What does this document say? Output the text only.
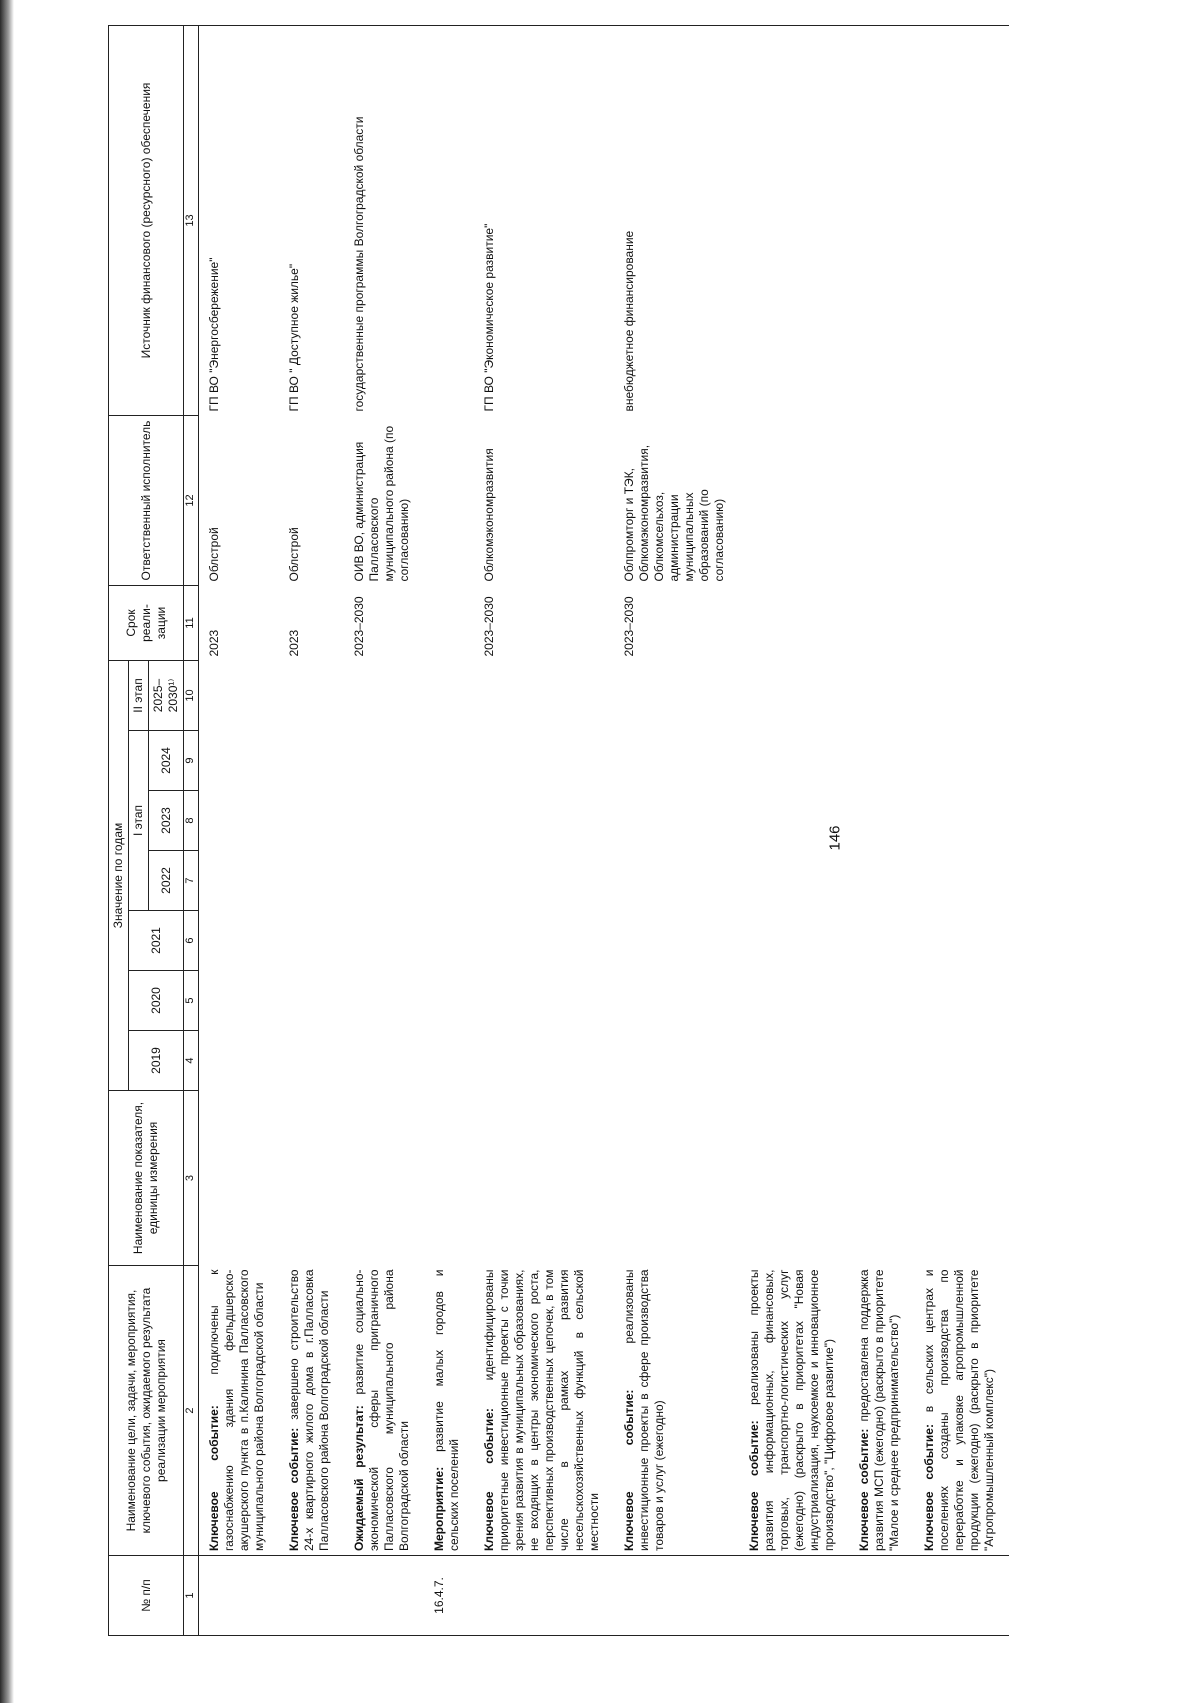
146
№ п/п	Наименование цели, задачи, мероприятия, ключевого события, ожидаемого результата реализации мероприятия	Наименование показателя, единицы измерения	Значение по годам							Срок реали-зации	Ответственный исполнитель	Источник финансового (ресурсного) обеспечения
			2019	2020	2021	I этап			II этап			
						2022	2023	2024	2025–2030¹⁾			
1	2	3	4	5	6	7	8	9	10	11	12	13
	Ключевое событие: подключены к газоснабжению здания фельдшерско-акушерского пункта в п.Калинина Палласовского муниципального района Волгоградской области									2023	Облстрой	ГП ВО "Энергосбережение"
	Ключевое событие: завершено строительство 24-х квартирного жилого дома в г.Палласовка Палласовского района Волгоградской области									2023	Облстрой	ГП ВО " Доступное жилье"
	Ожидаемый результат: развитие социально-экономической сферы приграничного Палласовского муниципального района Волгоградской области									2023–2030	ОИВ ВО, администрация Палласовского муниципального района (по согласованию)	государственные программы Волгоградской области
16.4.7.	Мероприятие: развитие малых городов и сельских поселений											
	Ключевое событие: идентифицированы приоритетные инвестиционные проекты с точки зрения развития в муниципальных образованиях, не входящих в центры экономического роста, перспективных производственных цепочек, в том числе в рамках развития несельскохозяйственных функций в сельской местности									2023–2030	Облкомэкономразвития	ГП ВО "Экономическое развитие"
	Ключевое событие: реализованы инвестиционные проекты в сфере производства товаров и услуг (ежегодно)									2023–2030	Облпромторг и ТЭК, Облкомэкономразвития, Облкомсельхоз, администрации муниципальных образований (по согласованию)	внебюджетное финансирование
	Ключевое событие: реализованы проекты развития информационных, финансовых, торговых, транспортно-логистических услуг (ежегодно) (раскрыто в приоритетах "Новая индустриализация, наукоемкое и инновационное производство", "Цифровое развитие")											
	Ключевое событие: предоставлена поддержка развития МСП (ежегодно) (раскрыто в приоритете "Малое и среднее предпринимательство")											
	Ключевое событие: в сельских центрах и поселениях созданы производства по переработке и упаковке агропромышленной продукции (ежегодно) (раскрыто в приоритете "Агропромышленный комплекс")											
